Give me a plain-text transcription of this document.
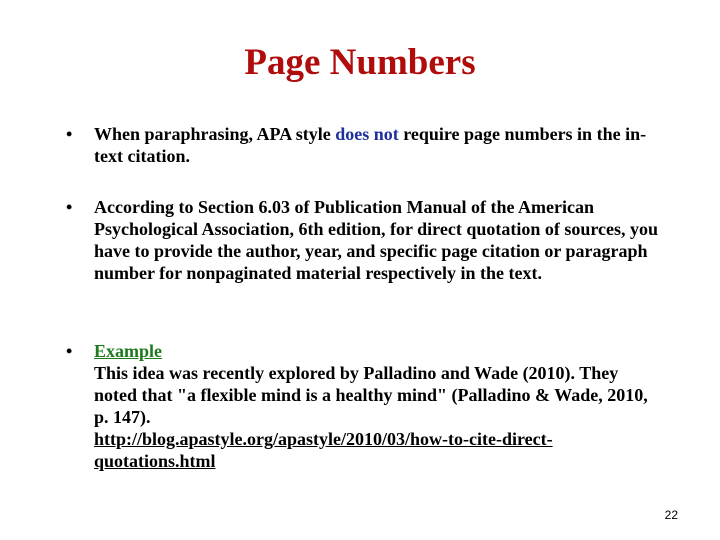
Page Numbers
• When paraphrasing, APA style does not require page numbers in the in-text citation.

• According to Section 6.03 of Publication Manual of the American Psychological Association, 6th edition, for direct quotation of sources, you have to provide the author, year, and specific page citation or paragraph number for nonpaginated material respectively in the text.

• Example
This idea was recently explored by Palladino and Wade (2010). They noted that "a flexible mind is a healthy mind" (Palladino & Wade, 2010, p. 147).
http://blog.apastyle.org/apastyle/2010/03/how-to-cite-direct-quotations.html
22
